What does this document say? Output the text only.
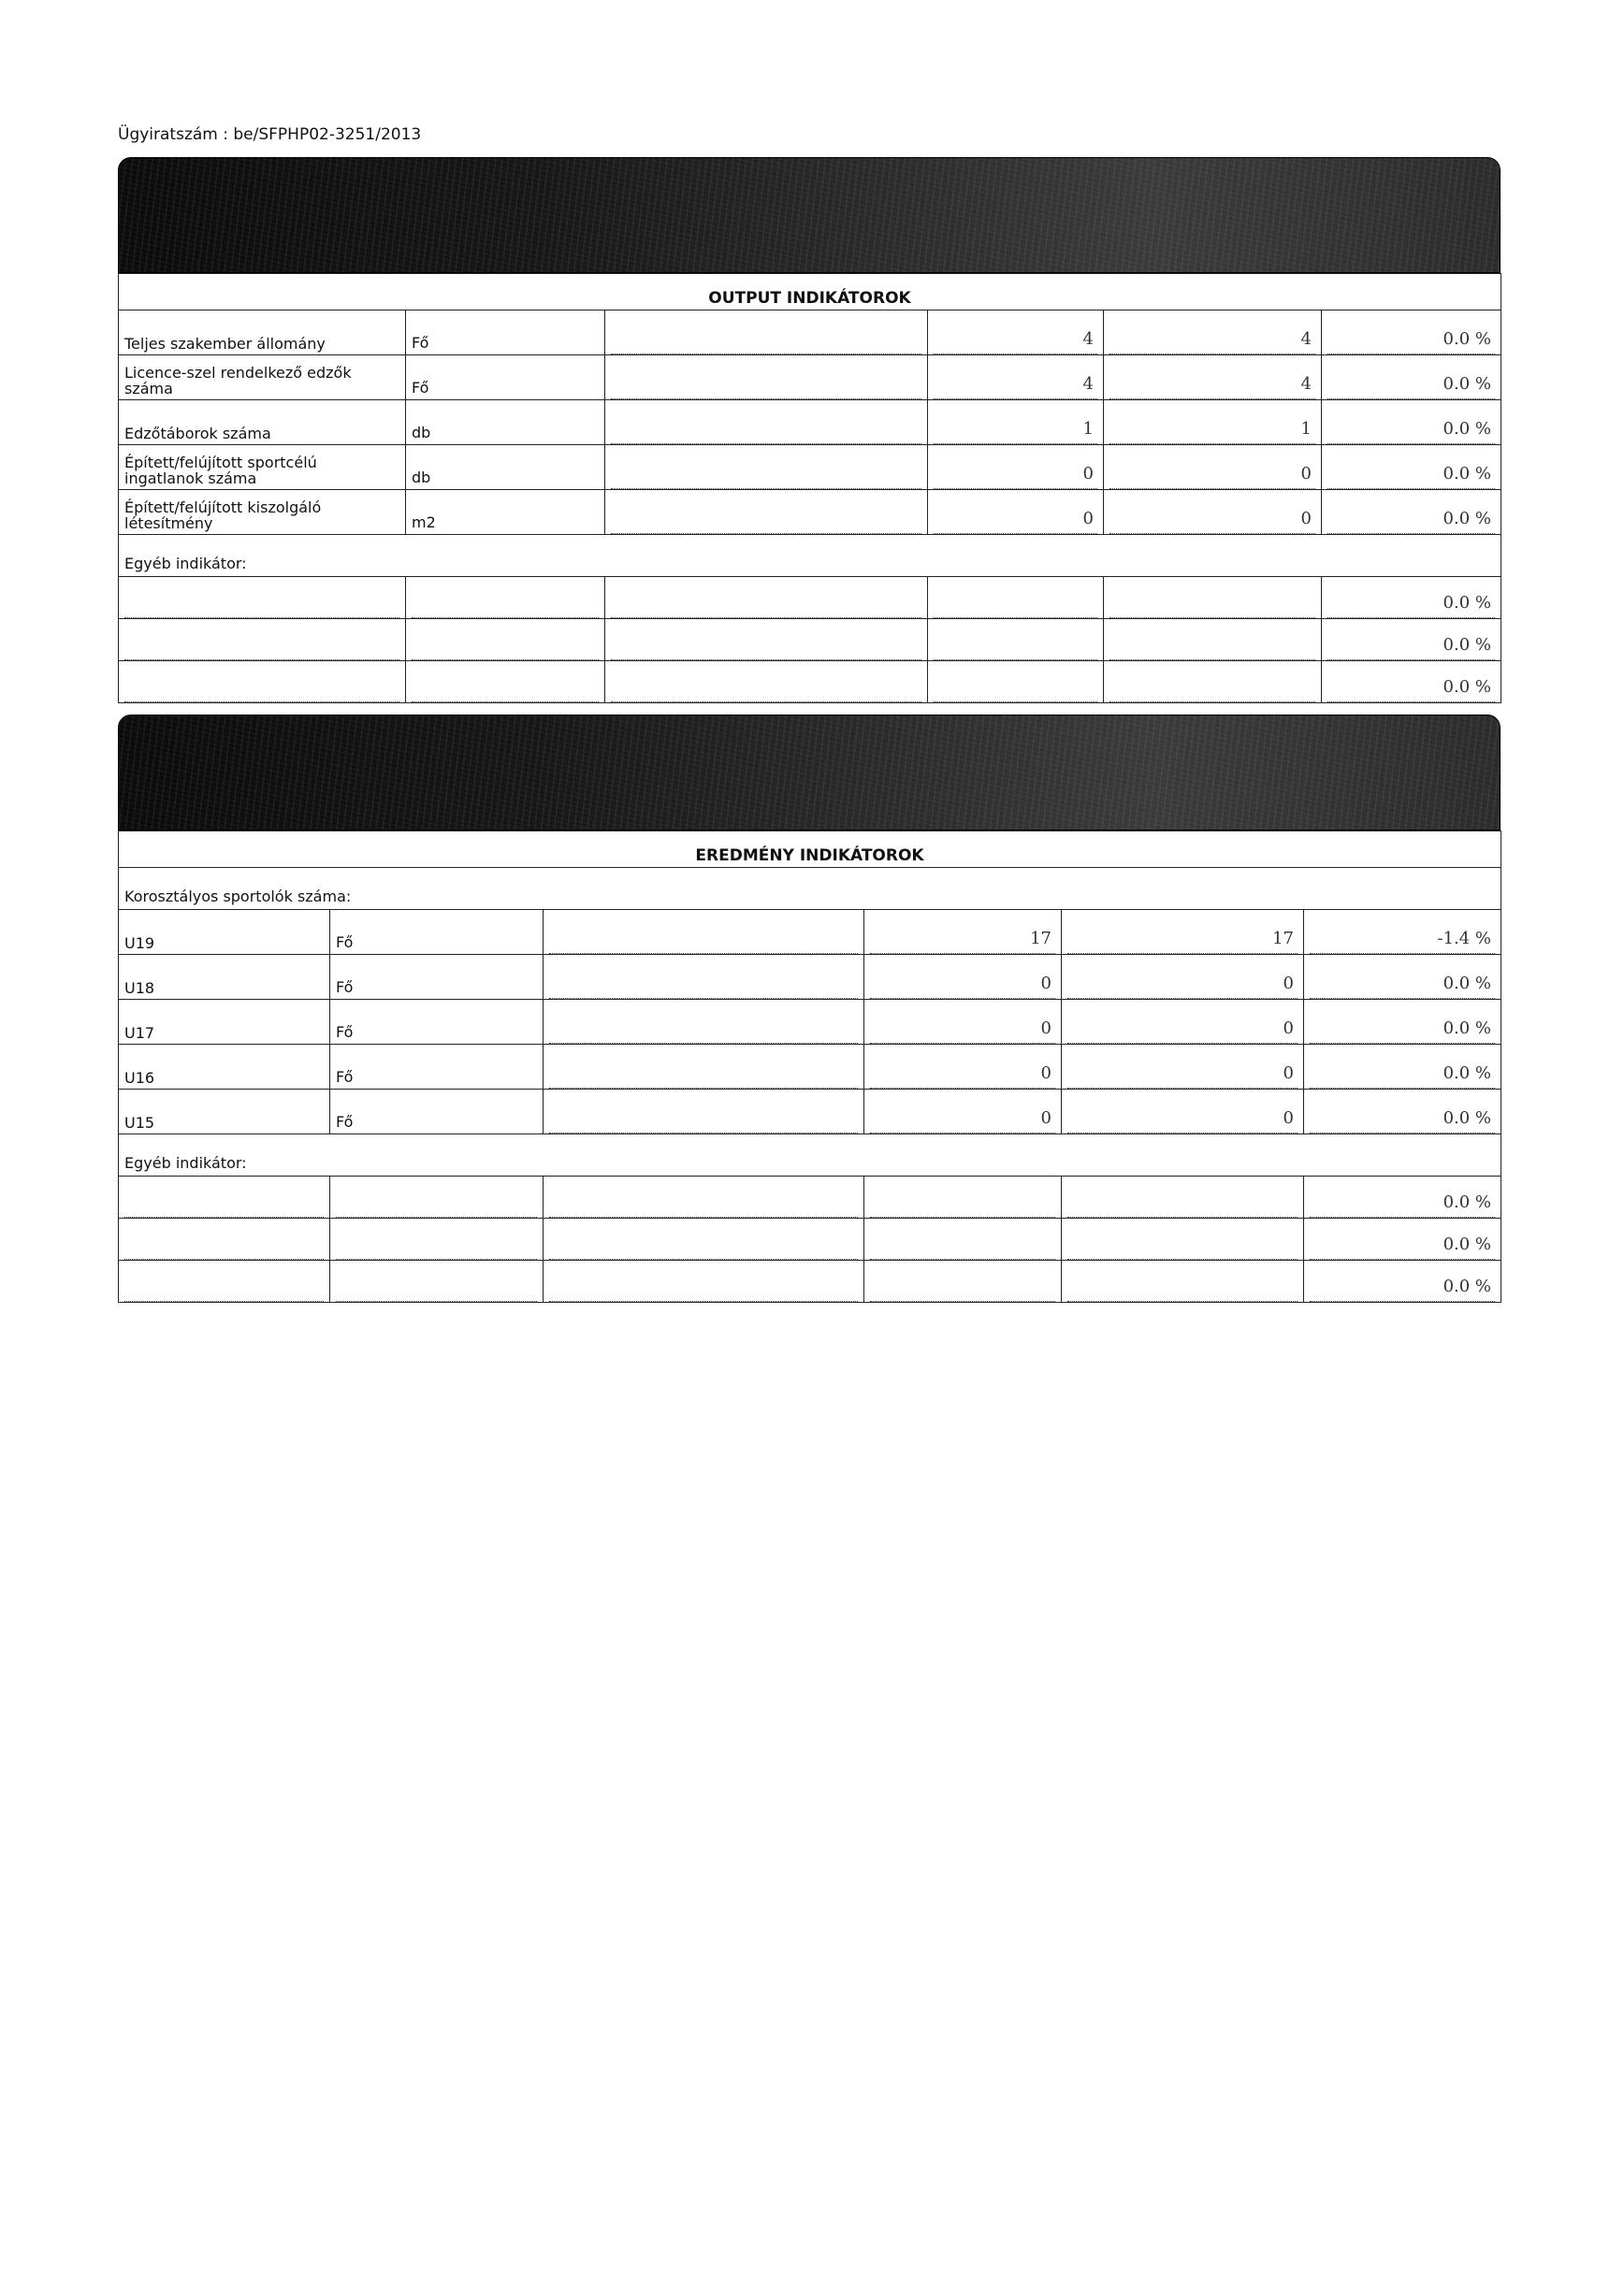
Ügyiratszám : be/SFPHP02-3251/2013
OUTPUT INDIKÁTOROK					
Teljes szakember állomány	Fő		4	4	0.0 %

Licence-szel rendelkező edzők száma	Fő		4	4	0.0 %

Edzőtáborok száma	db		1	1	0.0 %

Épített/felújított sportcélú ingatlanok száma	db		0	0	0.0 %

Épített/felújított kiszolgáló létesítmény	m2		0	0	0.0 %

Egyéb indikátor:					

					0.0 %

					0.0 %

					0.0 %
EREDMÉNY INDIKÁTOROK					
Korosztályos sportolók száma:					
U19	Fő		17	17	-1.4 %

U18	Fő		0	0	0.0 %

U17	Fő		0	0	0.0 %

U16	Fő		0	0	0.0 %

U15	Fő		0	0	0.0 %

Egyéb indikátor:					

					0.0 %

					0.0 %

					0.0 %
